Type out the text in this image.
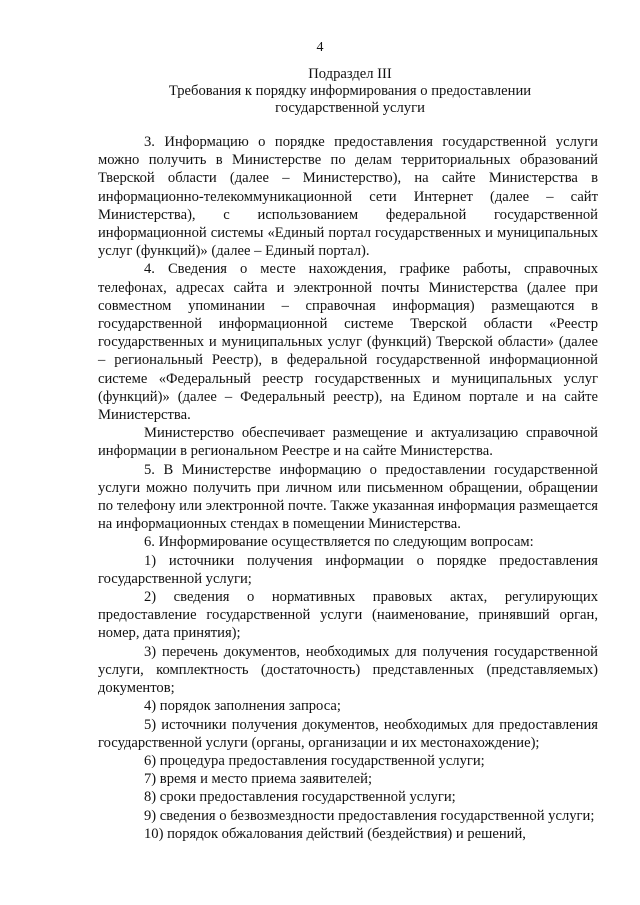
4
Подраздел III
Требования к порядку информирования о предоставлении
государственной услуги

3. Информацию о порядке предоставления государственной услуги можно получить в Министерстве по делам территориальных образований Тверской области (далее – Министерство), на сайте Министерства в информационно-телекоммуникационной сети Интернет (далее – сайт Министерства), с использованием федеральной государственной информационной системы «Единый портал государственных и муниципальных услуг (функций)» (далее – Единый портал).

4. Сведения о месте нахождения, графике работы, справочных телефонах, адресах сайта и электронной почты Министерства (далее при совместном упоминании – справочная информация) размещаются в государственной информационной системе Тверской области «Реестр государственных и муниципальных услуг (функций) Тверской области» (далее – региональный Реестр), в федеральной государственной информационной системе «Федеральный реестр государственных и муниципальных услуг (функций)» (далее – Федеральный реестр), на Едином портале и на сайте Министерства.

Министерство обеспечивает размещение и актуализацию справочной информации в региональном Реестре и на сайте Министерства.

5. В Министерстве информацию о предоставлении государственной услуги можно получить при личном или письменном обращении, обращении по телефону или электронной почте. Также указанная информация размещается на информационных стендах в помещении Министерства.

6. Информирование осуществляется по следующим вопросам:

1) источники получения информации о порядке предоставления государственной услуги;

2) сведения о нормативных правовых актах, регулирующих предоставление государственной услуги (наименование, принявший орган, номер, дата принятия);

3) перечень документов, необходимых для получения государственной услуги, комплектность (достаточность) представленных (представляемых) документов;

4) порядок заполнения запроса;

5) источники получения документов, необходимых для предоставления государственной услуги (органы, организации и их местонахождение);

6) процедура предоставления государственной услуги;

7) время и место приема заявителей;

8) сроки предоставления государственной услуги;

9) сведения о безвозмездности предоставления государственной услуги;

10) порядок обжалования действий (бездействия) и решений,
